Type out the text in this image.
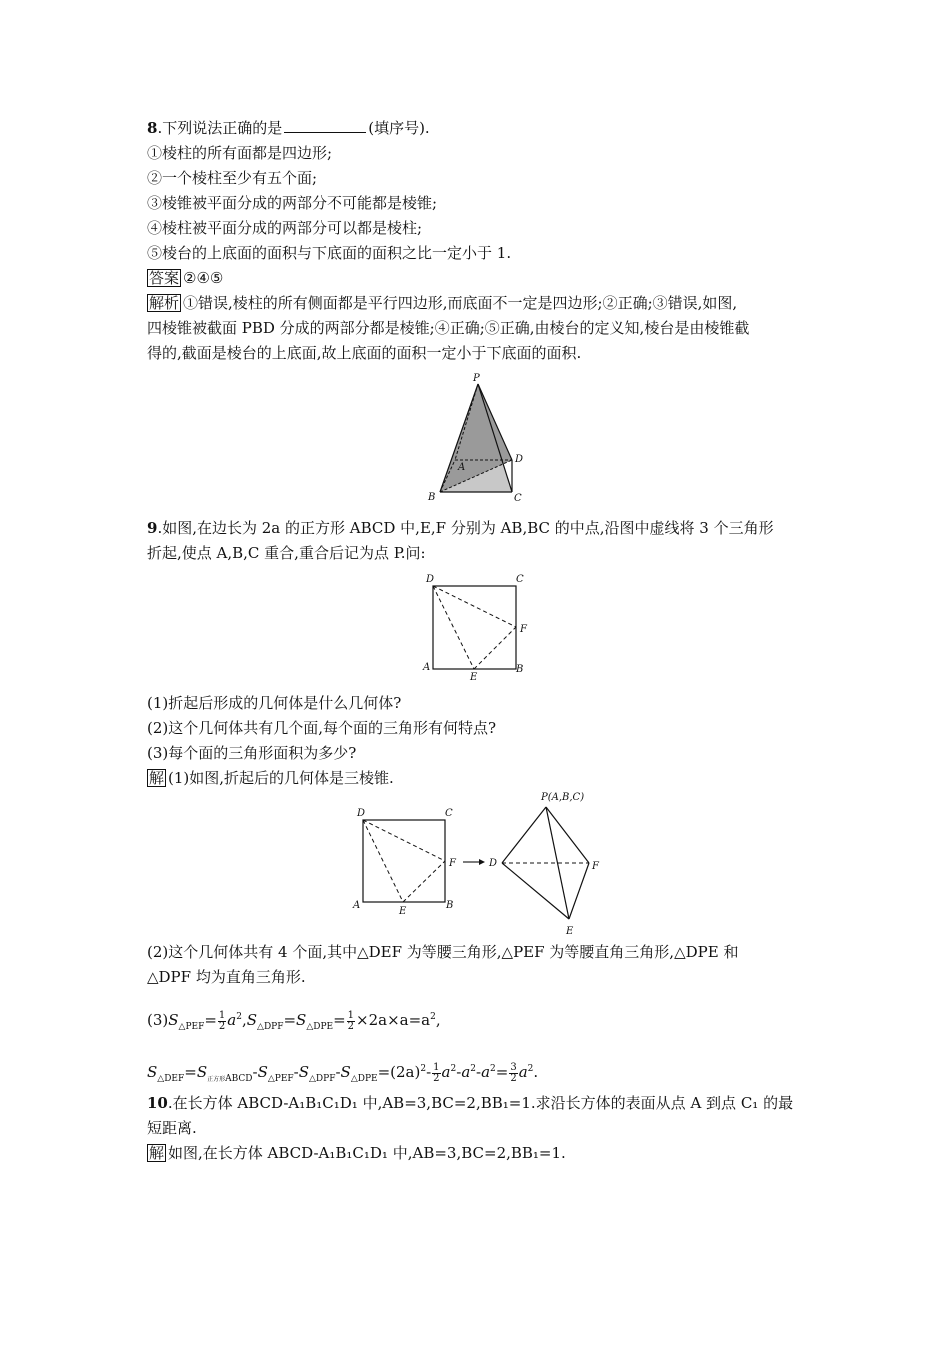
8.下列说法正确的是	(填序号).
①棱柱的所有面都是四边形;
②一个棱柱至少有五个面;
③棱锥被平面分成的两部分不可能都是棱锥;
④棱柱被平面分成的两部分可以都是棱柱;
⑤棱台的上底面的面积与下底面的面积之比一定小于 1.
答案 ②④⑤
解析 ①错误,棱柱的所有侧面都是平行四边形,而底面不一定是四边形;②正确;③错误,如图,
四棱锥被截面 PBD 分成的两部分都是棱锥;④正确;⑤正确,由棱台的定义知,棱台是由棱锥截
得的,截面是棱台的上底面,故上底面的面积一定小于下底面的面积.
P
A
D
B	C
9.如图,在边长为 2a 的正方形 ABCD 中,E,F 分别为 AB,BC 的中点,沿图中虚线将 3 个三角形
折起,使点 A,B,C 重合,重合后记为点 P.问:
D	C
F
A
E
B
(1)折起后形成的几何体是什么几何体?
(2)这个几何体共有几个面,每个面的三角形有何特点?
(3)每个面的三角形面积为多少?
解 (1)如图,折起后的几何体是三棱锥.
D	C
F
A
E
B
D
P(A,B,C)
F
E
(2)这个几何体共有 4 个面,其中△DEF 为等腰三角形,△PEF 为等腰直角三角形,△DPE 和
△DPF 均为直角三角形.
$(3)S_{\triangle PEF}= \frac{1}{2} a^2,S_{\triangle DPF}=S_{\triangle DPE}= \frac{1}{2} \times 2a\times a=a^2$,
$S_{\triangle DEF}=S_{正方形ABCD}-S_{\triangle PEF}-S_{\triangle DPF}-S_{\triangle DPE}=(2a)^2- \frac{1}{2} a^2-a^2-a^2= \frac{3}{2} a^2$.
10.在长方体 ABCD-A₁B₁C₁D₁ 中,AB=3,BC=2,BB₁=1.求沿长方体的表面从点 A 到点 C₁ 的最
短距离.
解 如图,在长方体 ABCD-A₁B₁C₁D₁ 中,AB=3,BC=2,BB₁=1.
